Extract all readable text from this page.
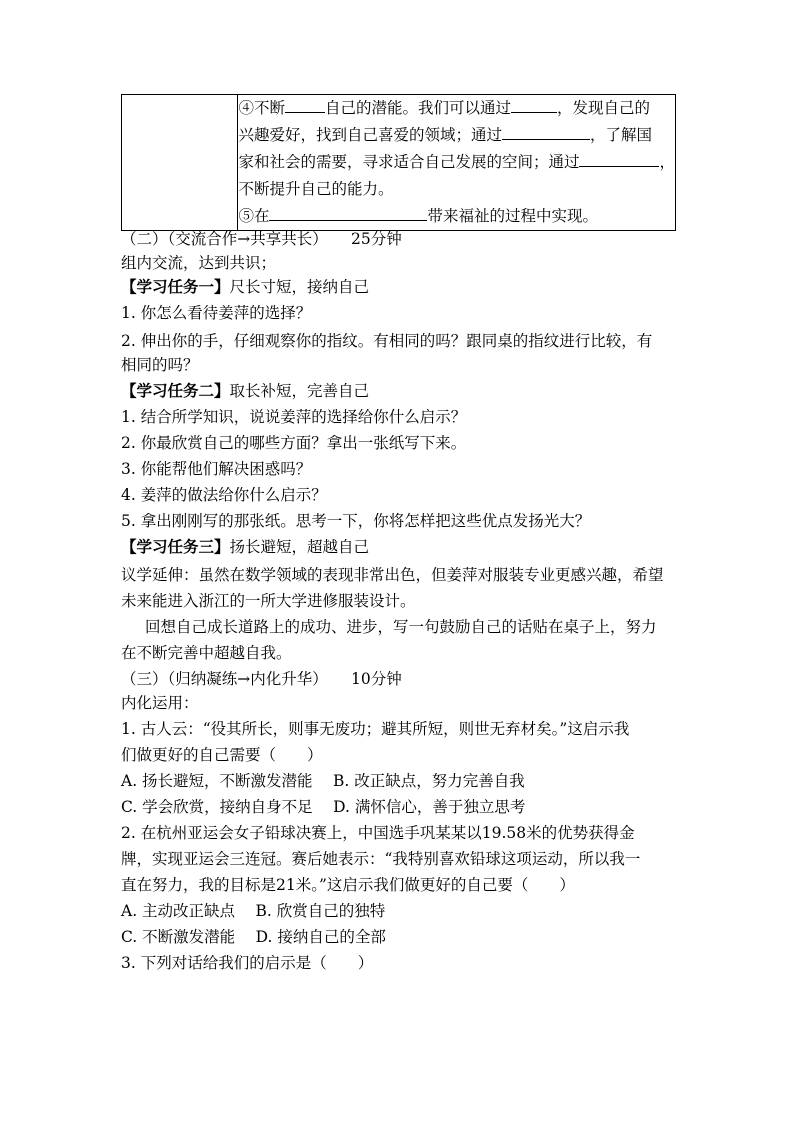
④不断	自己的潜能。我们可以通过	，发现自己的
兴趣爱好，找到自己喜爱的领域；通过	，了解国
家和社会的需要，寻求适合自己发展的空间；通过	，
不断提升自己的能力。
⑤在	带来福祉的过程中实现。
（二）（交流合作→共享共长）　　25分钟
组内交流，达到共识；
【学习任务一】尺长寸短，接纳自己
1. 你怎么看待姜萍的选择？
2. 伸出你的手，仔细观察你的指纹。有相同的吗？跟同桌的指纹进行比较，有
相同的吗？
【学习任务二】取长补短，完善自己
1. 结合所学知识，说说姜萍的选择给你什么启示？
2. 你最欣赏自己的哪些方面？拿出一张纸写下来。
3. 你能帮他们解决困惑吗？
4. 姜萍的做法给你什么启示？
5. 拿出刚刚写的那张纸。思考一下，你将怎样把这些优点发扬光大？
【学习任务三】扬长避短，超越自己
议学延伸：虽然在数学领域的表现非常出色，但姜萍对服装专业更感兴趣，希望
未来能进入浙江的一所大学进修服装设计。
回想自己成长道路上的成功、进步，写一句鼓励自己的话贴在桌子上，努力
在不断完善中超越自我。
（三）（归纳凝练→内化升华）　　10分钟
内化运用：
1. 古人云：“役其所长，则事无废功；避其所短，则世无弃材矣。”这启示我
们做更好的自己需要（　　）
A. 扬长避短，不断激发潜能　 B. 改正缺点，努力完善自我
C. 学会欣赏，接纳自身不足　 D. 满怀信心，善于独立思考
2. 在杭州亚运会女子铅球决赛上，中国选手巩某某以19.58米的优势获得金
牌，实现亚运会三连冠。赛后她表示：“我特别喜欢铅球这项运动，所以我一
直在努力，我的目标是21米。”这启示我们做更好的自己要（　　）
A. 主动改正缺点　 B. 欣赏自己的独特
C. 不断激发潜能　 D. 接纳自己的全部
3. 下列对话给我们的启示是（　　）
